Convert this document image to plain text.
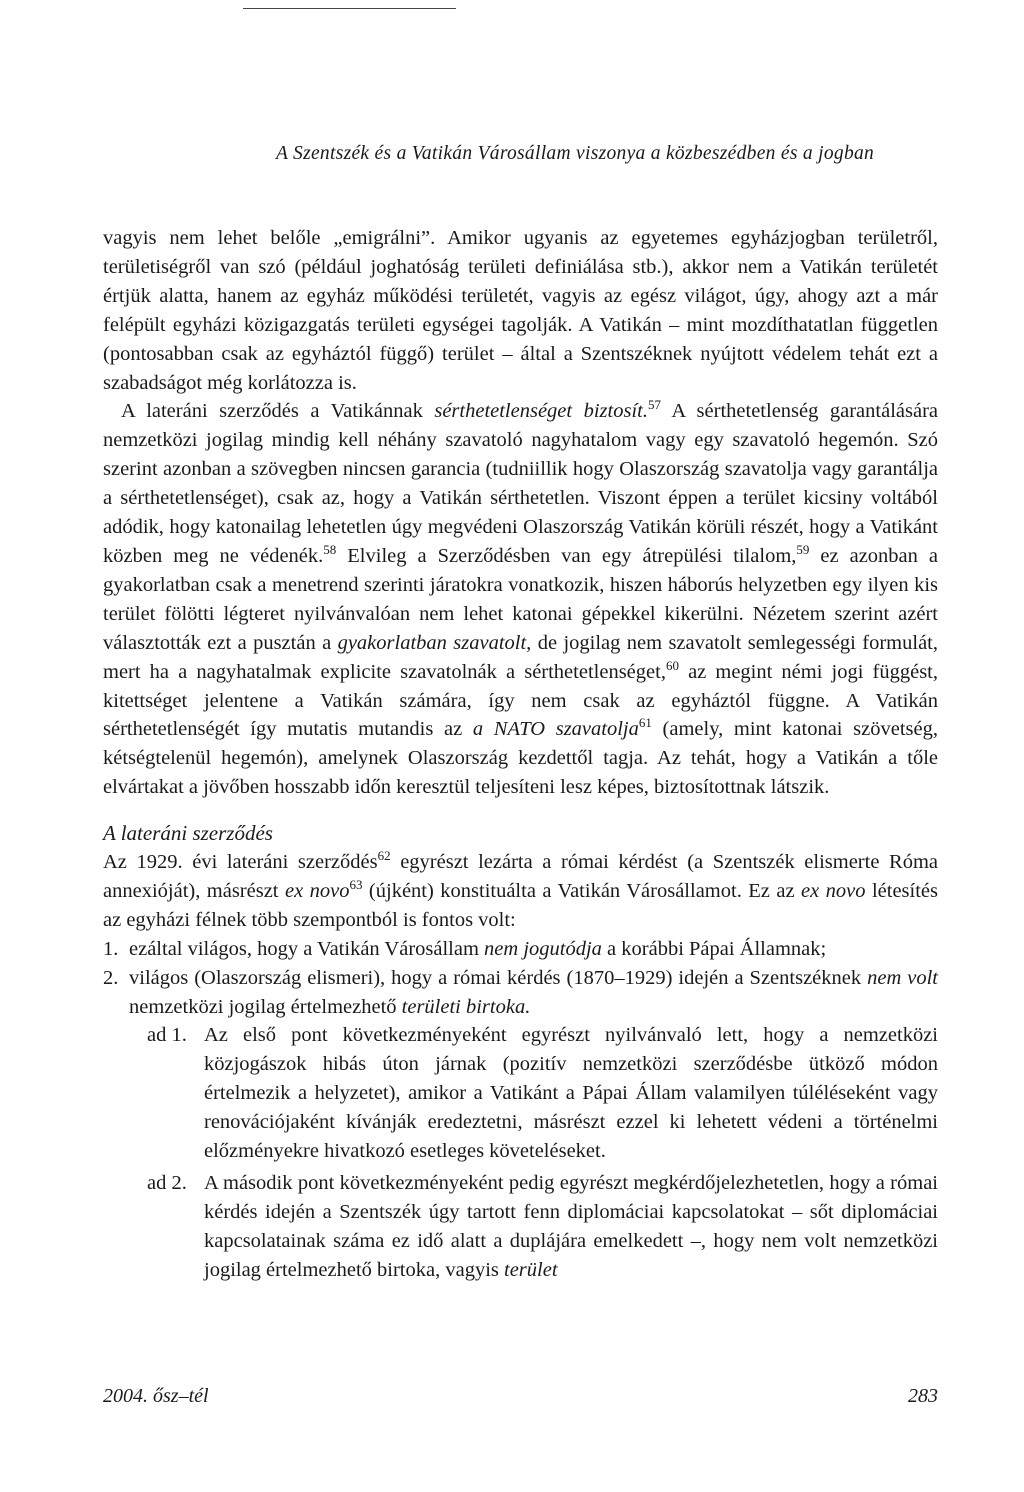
A Szentszék és a Vatikán Városállam viszonya a közbeszédben és a jogban

vagyis nem lehet belőle „emigrálni”. Amikor ugyanis az egyetemes egyházjogban területről, területiségről van szó (például joghatóság területi definiálása stb.), akkor nem a Vatikán területét értjük alatta, hanem az egyház működési területét, vagyis az egész világot, úgy, ahogy azt a már felépült egyházi közigazgatás területi egységei tagolják. A Vatikán – mint mozdíthatatlan független (pontosabban csak az egyháztól függő) terület – által a Szentszéknek nyújtott védelem tehát ezt a szabadságot még korlátozza is.

A lateráni szerződés a Vatikánnak sérthetetlenséget biztosít.$^{57}$ A sérthetetlenség garantálására nemzetközi jogilag mindig kell néhány szavatoló nagyhatalom vagy egy szavatoló hegemón. Szó szerint azonban a szövegben nincsen garancia (tudniillik hogy Olaszország szavatolja vagy garantálja a sérthetetlenséget), csak az, hogy a Vatikán sérthetetlen. Viszont éppen a terület kicsiny voltából adódik, hogy katonailag lehetetlen úgy megvédeni Olaszország Vatikán körüli részét, hogy a Vatikánt közben meg ne védenék.$^{58}$ Elvileg a Szerződésben van egy átrepülési tilalom,$^{59}$ ez azonban a gyakorlatban csak a menetrend szerinti járatokra vonatkozik, hiszen háborús helyzetben egy ilyen kis terület fölötti légteret nyilvánvalóan nem lehet katonai gépekkel kikerülni. Nézetem szerint azért választották ezt a pusztán a gyakorlatban szavatolt, de jogilag nem szavatolt semlegességi formulát, mert ha a nagyhatalmak explicite szavatolnák a sérthetetlenséget,$^{60}$ az megint némi jogi függést, kitettséget jelentene a Vatikán számára, így nem csak az egyháztól függne. A Vatikán sérthetetlenségét így mutatis mutandis az a NATO szavatolja$^{61}$ (amely, mint katonai szövetség, kétségtelenül hegemón), amelynek Olaszország kezdettől tagja. Az tehát, hogy a Vatikán a tőle elvártakat a jövőben hosszabb időn keresztül teljesíteni lesz képes, biztosítottnak látszik.

A lateráni szerződés

Az 1929. évi lateráni szerződés$^{62}$ egyrészt lezárta a római kérdést (a Szentszék elismerte Róma annexióját), másrészt ex novo$^{63}$ (újként) konstituálta a Vatikán Városállamot. Ez az ex novo létesítés az egyházi félnek több szempontból is fontos volt:

1. ezáltal világos, hogy a Vatikán Városállam nem jogutódja a korábbi Pápai Államnak;
2. világos (Olaszország elismeri), hogy a római kérdés (1870–1929) idején a Szentszéknek nem volt nemzetközi jogilag értelmezhető területi birtoka.
ad 1. Az első pont következményeként egyrészt nyilvánvaló lett, hogy a nemzetközi közjogászok hibás úton járnak (pozitív nemzetközi szerződésbe ütköző módon értelmezik a helyzetet), amikor a Vatikánt a Pápai Állam valamilyen túléléseként vagy renovációjaként kívánják eredeztetni, másrészt ezzel ki lehetett védeni a történelmi előzményekre hivatkozó esetleges követeléseket.
ad 2. A második pont következményeként pedig egyrészt megkérdőjelezhetetlen, hogy a római kérdés idején a Szentszék úgy tartott fenn diplomáciai kapcsolatokat – sőt diplomáciai kapcsolatainak száma ez idő alatt a duplájára emelkedett –, hogy nem volt nemzetközi jogilag értelmezhető birtoka, vagyis terület
2004. ősz–tél	283
